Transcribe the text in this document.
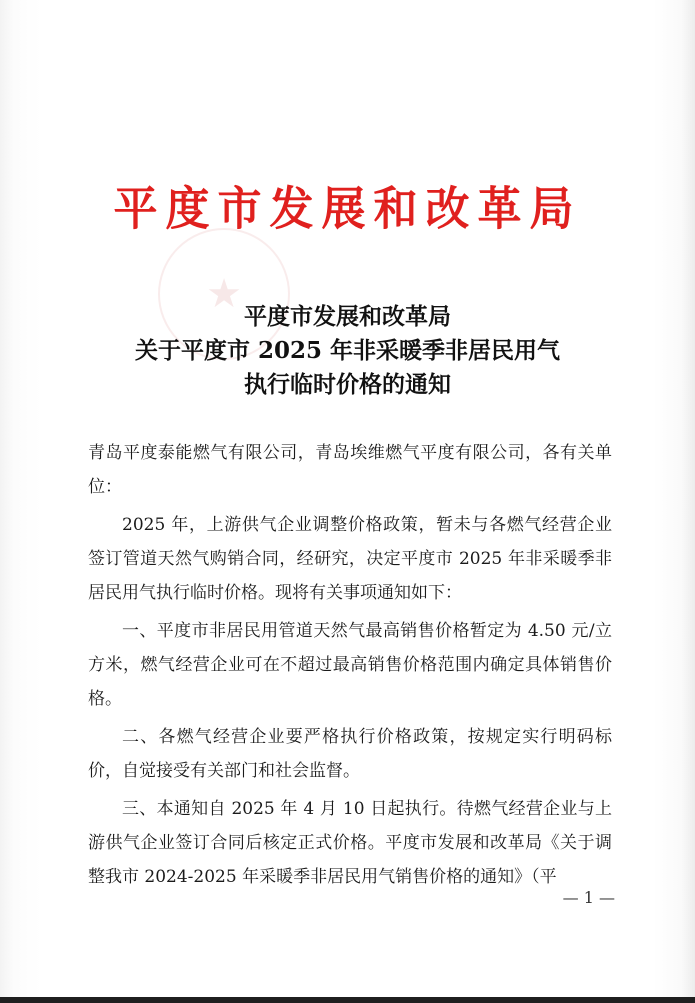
★
平度市发展和改革局
平度市发展和改革局
关于平度市 2025 年非采暖季非居民用气
执行临时价格的通知

青岛平度泰能燃气有限公司，青岛埃维燃气平度有限公司，各有关单位：

2025 年，上游供气企业调整价格政策，暂未与各燃气经营企业签订管道天然气购销合同，经研究，决定平度市 2025 年非采暖季非居民用气执行临时价格。现将有关事项通知如下：

一、平度市非居民用管道天然气最高销售价格暂定为 4.50 元/立方米，燃气经营企业可在不超过最高销售价格范围内确定具体销售价格。

二、各燃气经营企业要严格执行价格政策，按规定实行明码标价，自觉接受有关部门和社会监督。

三、本通知自 2025 年 4 月 10 日起执行。待燃气经营企业与上游供气企业签订合同后核定正式价格。平度市发展和改革局《关于调整我市 2024-2025 年采暖季非居民用气销售价格的通知》（平

— 1 —
